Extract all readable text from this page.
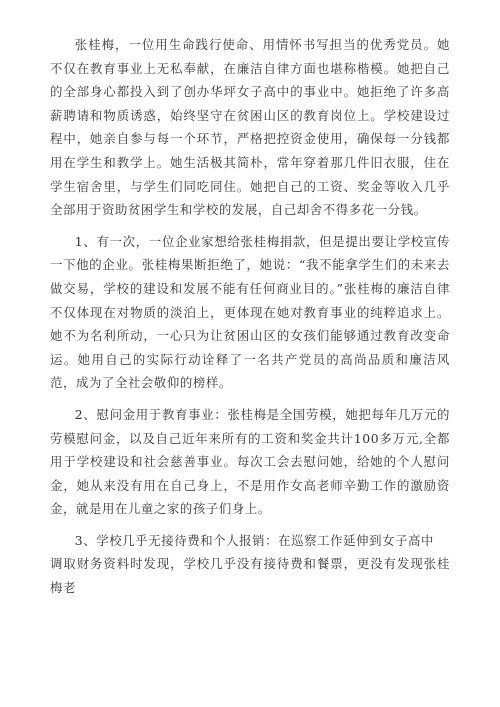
张桂梅，一位用生命践行使命、用情怀书写担当的优秀党员。她不仅在教育事业上无私奉献，在廉洁自律方面也堪称楷模。她把自己的全部身心都投入到了创办华坪女子高中的事业中。她拒绝了许多高薪聘请和物质诱惑，始终坚守在贫困山区的教育岗位上。学校建设过程中，她亲自参与每一个环节，严格把控资金使用，确保每一分钱都用在学生和教学上。她生活极其简朴，常年穿着那几件旧衣服，住在学生宿舍里，与学生们同吃同住。她把自己的工资、奖金等收入几乎全部用于资助贫困学生和学校的发展，自己却舍不得多花一分钱。

1、有一次，一位企业家想给张桂梅捐款，但是提出要让学校宣传一下他的企业。张桂梅果断拒绝了，她说：“我不能拿学生们的未来去做交易，学校的建设和发展不能有任何商业目的。”张桂梅的廉洁自律不仅体现在对物质的淡泊上，更体现在她对教育事业的纯粹追求上。她不为名利所动，一心只为让贫困山区的女孩们能够通过教育改变命运。她用自己的实际行动诠释了一名共产党员的高尚品质和廉洁风范，成为了全社会敬仰的榜样。

2、慰问金用于教育事业：张桂梅是全国劳模，她把每年几万元的劳模慰问金，以及自己近年来所有的工资和奖金共计100多万元,全都用于学校建设和社会慈善事业。每次工会去慰问她，给她的个人慰问金，她从来没有用在自己身上，不是用作女高老师辛勤工作的激励资金，就是用在儿童之家的孩子们身上。

3、学校几乎无接待费和个人报销：在巡察工作延伸到女子高中
调取财务资料时发现，学校几乎没有接待费和餐票，更没有发现张桂梅老
